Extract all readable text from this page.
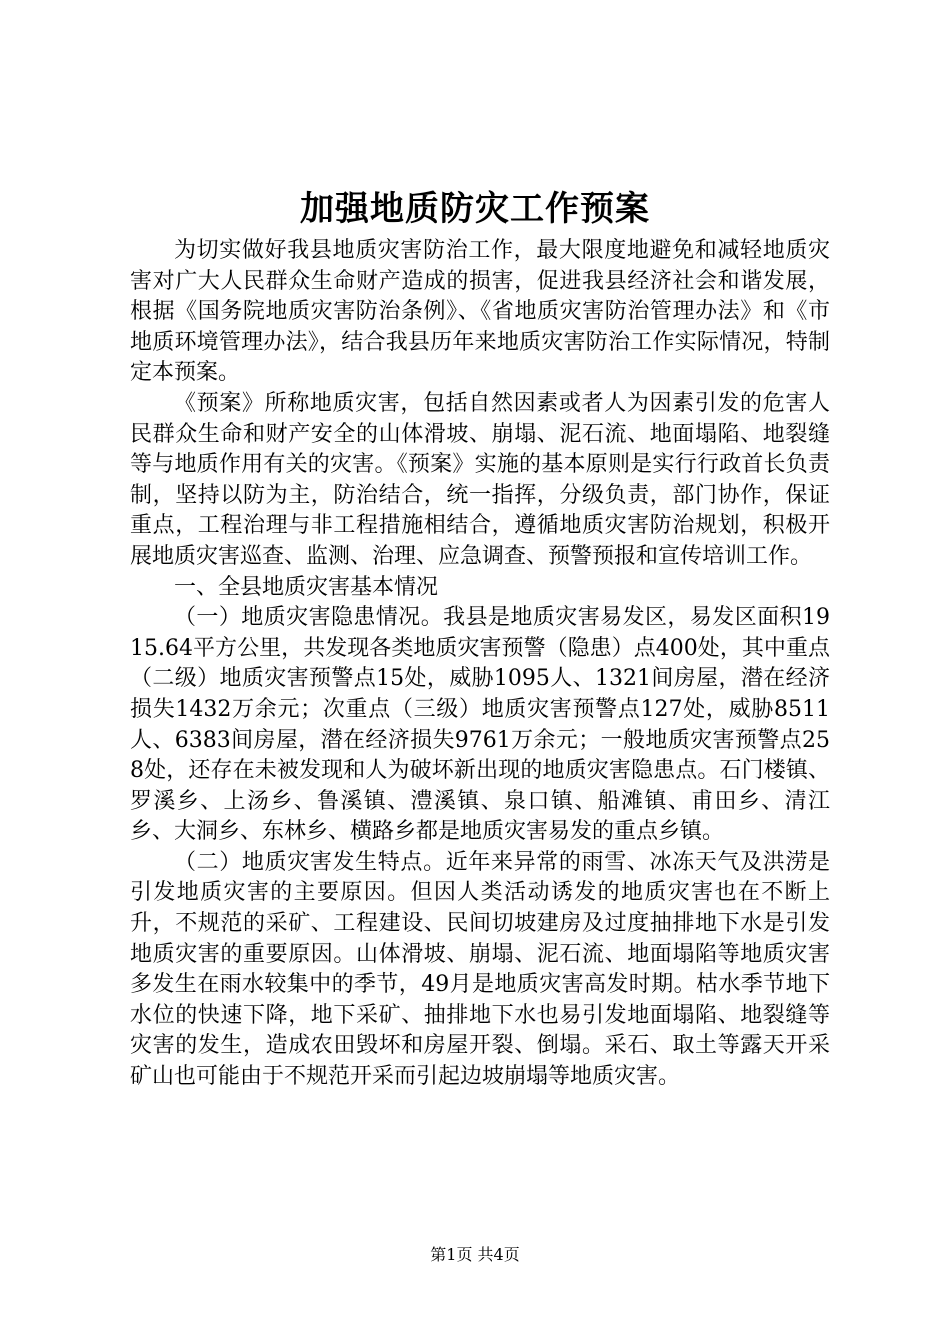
加强地质防灾工作预案

为切实做好我县地质灾害防治工作，最大限度地避免和减轻地质灾害对广大人民群众生命财产造成的损害，促进我县经济社会和谐发展，根据《国务院地质灾害防治条例》、《省地质灾害防治管理办法》和《市地质环境管理办法》，结合我县历年来地质灾害防治工作实际情况，特制定本预案。

《预案》所称地质灾害，包括自然因素或者人为因素引发的危害人民群众生命和财产安全的山体滑坡、崩塌、泥石流、地面塌陷、地裂缝等与地质作用有关的灾害。《预案》实施的基本原则是实行行政首长负责制，坚持以防为主，防治结合，统一指挥，分级负责，部门协作，保证重点，工程治理与非工程措施相结合，遵循地质灾害防治规划，积极开展地质灾害巡查、监测、治理、应急调查、预警预报和宣传培训工作。

一、全县地质灾害基本情况

（一）地质灾害隐患情况。我县是地质灾害易发区，易发区面积1915.64平方公里，共发现各类地质灾害预警（隐患）点400处，其中重点（二级）地质灾害预警点15处，威胁1095人、1321间房屋，潜在经济损失1432万余元；次重点（三级）地质灾害预警点127处，威胁8511人、6383间房屋，潜在经济损失9761万余元；一般地质灾害预警点258处，还存在未被发现和人为破坏新出现的地质灾害隐患点。石门楼镇、罗溪乡、上汤乡、鲁溪镇、澧溪镇、泉口镇、船滩镇、甫田乡、清江乡、大洞乡、东林乡、横路乡都是地质灾害易发的重点乡镇。

（二）地质灾害发生特点。近年来异常的雨雪、冰冻天气及洪涝是引发地质灾害的主要原因。但因人类活动诱发的地质灾害也在不断上升，不规范的采矿、工程建设、民间切坡建房及过度抽排地下水是引发地质灾害的重要原因。山体滑坡、崩塌、泥石流、地面塌陷等地质灾害多发生在雨水较集中的季节，49月是地质灾害高发时期。枯水季节地下水位的快速下降，地下采矿、抽排地下水也易引发地面塌陷、地裂缝等灾害的发生，造成农田毁坏和房屋开裂、倒塌。采石、取土等露天开采矿山也可能由于不规范开采而引起边坡崩塌等地质灾害。

第1页 共4页
